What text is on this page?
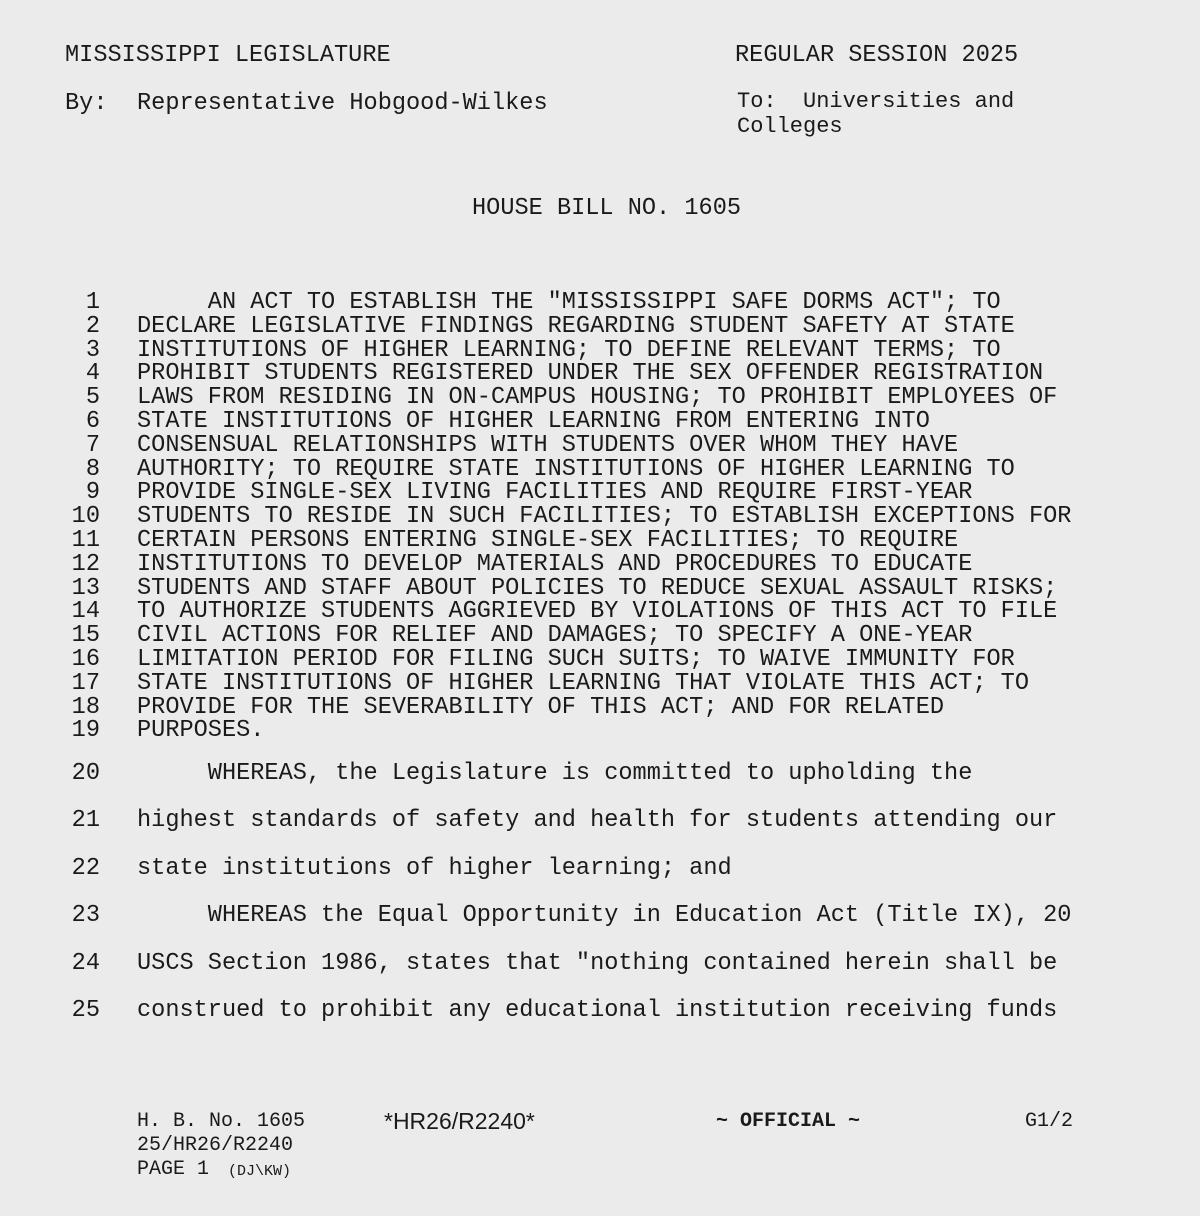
MISSISSIPPI LEGISLATURE	REGULAR SESSION 2025
By: Representative Hobgood-Wilkes	To: Universities and
Colleges
HOUSE BILL NO. 1605
1 AN ACT TO ESTABLISH THE "MISSISSIPPI SAFE DORMS ACT"; TO
2 DECLARE LEGISLATIVE FINDINGS REGARDING STUDENT SAFETY AT STATE
3 INSTITUTIONS OF HIGHER LEARNING; TO DEFINE RELEVANT TERMS; TO
4 PROHIBIT STUDENTS REGISTERED UNDER THE SEX OFFENDER REGISTRATION
5 LAWS FROM RESIDING IN ON-CAMPUS HOUSING; TO PROHIBIT EMPLOYEES OF
6 STATE INSTITUTIONS OF HIGHER LEARNING FROM ENTERING INTO
7 CONSENSUAL RELATIONSHIPS WITH STUDENTS OVER WHOM THEY HAVE
8 AUTHORITY; TO REQUIRE STATE INSTITUTIONS OF HIGHER LEARNING TO
9 PROVIDE SINGLE-SEX LIVING FACILITIES AND REQUIRE FIRST-YEAR
10 STUDENTS TO RESIDE IN SUCH FACILITIES; TO ESTABLISH EXCEPTIONS FOR
11 CERTAIN PERSONS ENTERING SINGLE-SEX FACILITIES; TO REQUIRE
12 INSTITUTIONS TO DEVELOP MATERIALS AND PROCEDURES TO EDUCATE
13 STUDENTS AND STAFF ABOUT POLICIES TO REDUCE SEXUAL ASSAULT RISKS;
14 TO AUTHORIZE STUDENTS AGGRIEVED BY VIOLATIONS OF THIS ACT TO FILE
15 CIVIL ACTIONS FOR RELIEF AND DAMAGES; TO SPECIFY A ONE-YEAR
16 LIMITATION PERIOD FOR FILING SUCH SUITS; TO WAIVE IMMUNITY FOR
17 STATE INSTITUTIONS OF HIGHER LEARNING THAT VIOLATE THIS ACT; TO
18 PROVIDE FOR THE SEVERABILITY OF THIS ACT; AND FOR RELATED
19 PURPOSES.
20 WHEREAS, the Legislature is committed to upholding the
21 highest standards of safety and health for students attending our
22 state institutions of higher learning; and
23 WHEREAS the Equal Opportunity in Education Act (Title IX), 20
24 USCS Section 1986, states that "nothing contained herein shall be
25 construed to prohibit any educational institution receiving funds
H. B. No. 1605	*HR26/R2240*	~ OFFICIAL ~	G1/2
25/HR26/R2240
PAGE 1 (DJ\KW)
